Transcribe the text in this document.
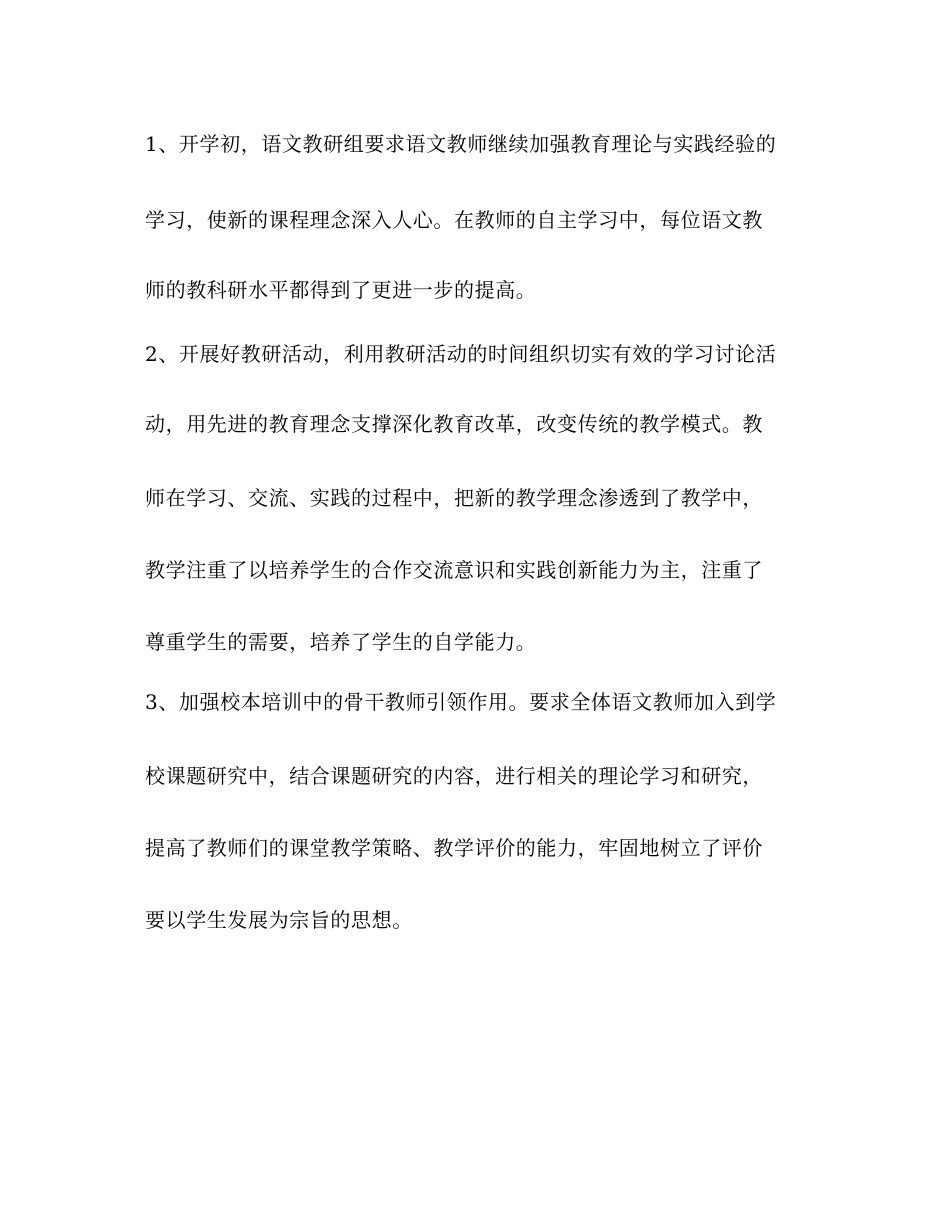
1、开学初，语文教研组要求语文教师继续加强教育理论与实践经验的
学习，使新的课程理念深入人心。在教师的自主学习中，每位语文教
师的教科研水平都得到了更进一步的提高。
2、开展好教研活动，利用教研活动的时间组织切实有效的学习讨论活
动，用先进的教育理念支撑深化教育改革，改变传统的教学模式。教
师在学习、交流、实践的过程中，把新的教学理念渗透到了教学中，
教学注重了以培养学生的合作交流意识和实践创新能力为主，注重了
尊重学生的需要，培养了学生的自学能力。
3、加强校本培训中的骨干教师引领作用。要求全体语文教师加入到学
校课题研究中，结合课题研究的内容，进行相关的理论学习和研究，
提高了教师们的课堂教学策略、教学评价的能力，牢固地树立了评价
要以学生发展为宗旨的思想。
